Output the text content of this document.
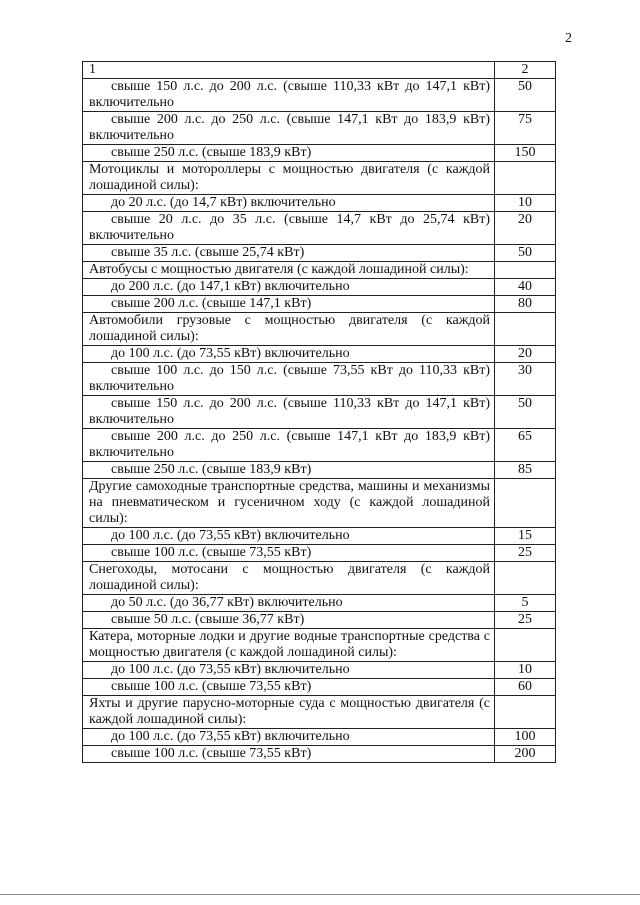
2
1	2
свыше 150 л.с. до 200 л.с. (свыше 110,33 кВт до 147,1 кВт) включительно	50
свыше 200 л.с. до 250 л.с. (свыше 147,1 кВт до 183,9 кВт) включительно	75
свыше 250 л.с. (свыше 183,9 кВт)	150
Мотоциклы и мотороллеры с мощностью двигателя (с каждой лошадиной силы):	
до 20 л.с. (до 14,7 кВт) включительно	10
свыше 20 л.с. до 35 л.с. (свыше 14,7 кВт до 25,74 кВт) включительно	20
свыше 35 л.с. (свыше 25,74 кВт)	50
Автобусы с мощностью двигателя (с каждой лошадиной силы):	
до 200 л.с. (до 147,1 кВт) включительно	40
свыше 200 л.с. (свыше 147,1 кВт)	80
Автомобили грузовые с мощностью двигателя (с каждой лошадиной силы):	
до 100 л.с. (до 73,55 кВт) включительно	20
свыше 100 л.с. до 150 л.с. (свыше 73,55 кВт до 110,33 кВт) включительно	30
свыше 150 л.с. до 200 л.с. (свыше 110,33 кВт до 147,1 кВт) включительно	50
свыше 200 л.с. до 250 л.с. (свыше 147,1 кВт до 183,9 кВт) включительно	65
свыше 250 л.с. (свыше 183,9 кВт)	85
Другие самоходные транспортные средства, машины и механизмы на пневматическом и гусеничном ходу (с каждой лошадиной силы):	
до 100 л.с. (до 73,55 кВт) включительно	15
свыше 100 л.с. (свыше 73,55 кВт)	25
Снегоходы, мотосани с мощностью двигателя (с каждой лошадиной силы):	
до 50 л.с. (до 36,77 кВт) включительно	5
свыше 50 л.с. (свыше 36,77 кВт)	25
Катера, моторные лодки и другие водные транспортные средства с мощностью двигателя (с каждой лошадиной силы):	
до 100 л.с. (до 73,55 кВт) включительно	10
свыше 100 л.с. (свыше 73,55 кВт)	60
Яхты и другие парусно-моторные суда с мощностью двигателя (с каждой лошадиной силы):	
до 100 л.с. (до 73,55 кВт) включительно	100
свыше 100 л.с. (свыше 73,55 кВт)	200
